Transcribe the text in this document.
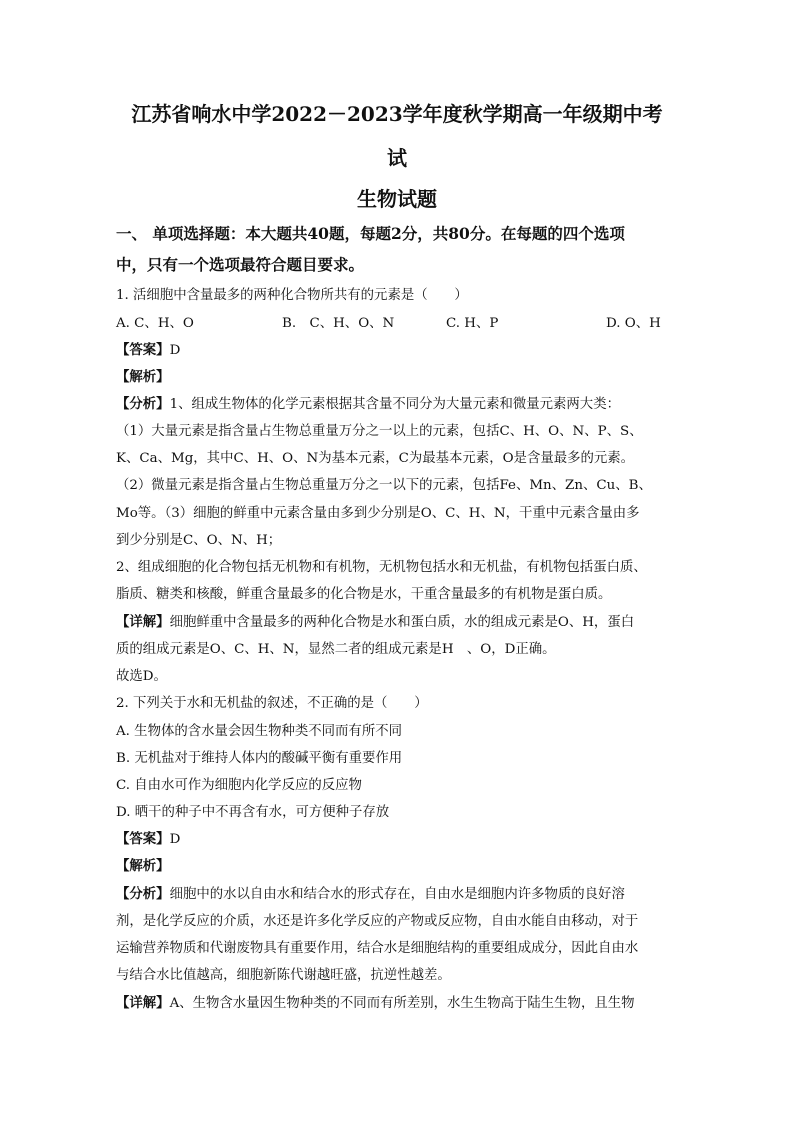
江苏省响水中学2022－2023学年度秋学期高一年级期中考
试
生物试题
一、 单项选择题：本大题共40题，每题2分，共80分。在每题的四个选项
中，只有一个选项最符合题目要求。
1. 活细胞中含量最多的两种化合物所共有的元素是（　　）
A. C、H、O	B.　C、H、O、N	C. H、P	D. O、H
【答案】D
【解析】
【分析】1、组成生物体的化学元素根据其含量不同分为大量元素和微量元素两大类：
（1）大量元素是指含量占生物总重量万分之一以上的元素，包括C、H、O、N、P、S、
K、Ca、Mg，其中C、H、O、N为基本元素，C为最基本元素，O是含量最多的元素。
（2）微量元素是指含量占生物总重量万分之一以下的元素，包括Fe、Mn、Zn、Cu、B、
Mo等。（3）细胞的鲜重中元素含量由多到少分别是O、C、H、N，干重中元素含量由多
到少分别是C、O、N、H；
2、组成细胞的化合物包括无机物和有机物，无机物包括水和无机盐，有机物包括蛋白质、
脂质、糖类和核酸，鲜重含量最多的化合物是水，干重含量最多的有机物是蛋白质。
【详解】细胞鲜重中含量最多的两种化合物是水和蛋白质，水的组成元素是O、H，蛋白
质的组成元素是O、C、H、N，显然二者的组成元素是H　、O，D正确。
故选D。
2. 下列关于水和无机盐的叙述，不正确的是（　　）
A. 生物体的含水量会因生物种类不同而有所不同
B. 无机盐对于维持人体内的酸碱平衡有重要作用
C. 自由水可作为细胞内化学反应的反应物
D. 晒干的种子中不再含有水，可方便种子存放
【答案】D
【解析】
【分析】细胞中的水以自由水和结合水的形式存在，自由水是细胞内许多物质的良好溶
剂，是化学反应的介质，水还是许多化学反应的产物或反应物，自由水能自由移动，对于
运输营养物质和代谢废物具有重要作用，结合水是细胞结构的重要组成成分，因此自由水
与结合水比值越高，细胞新陈代谢越旺盛，抗逆性越差。
【详解】A、生物含水量因生物种类的不同而有所差别，水生生物高于陆生生物，且生物
